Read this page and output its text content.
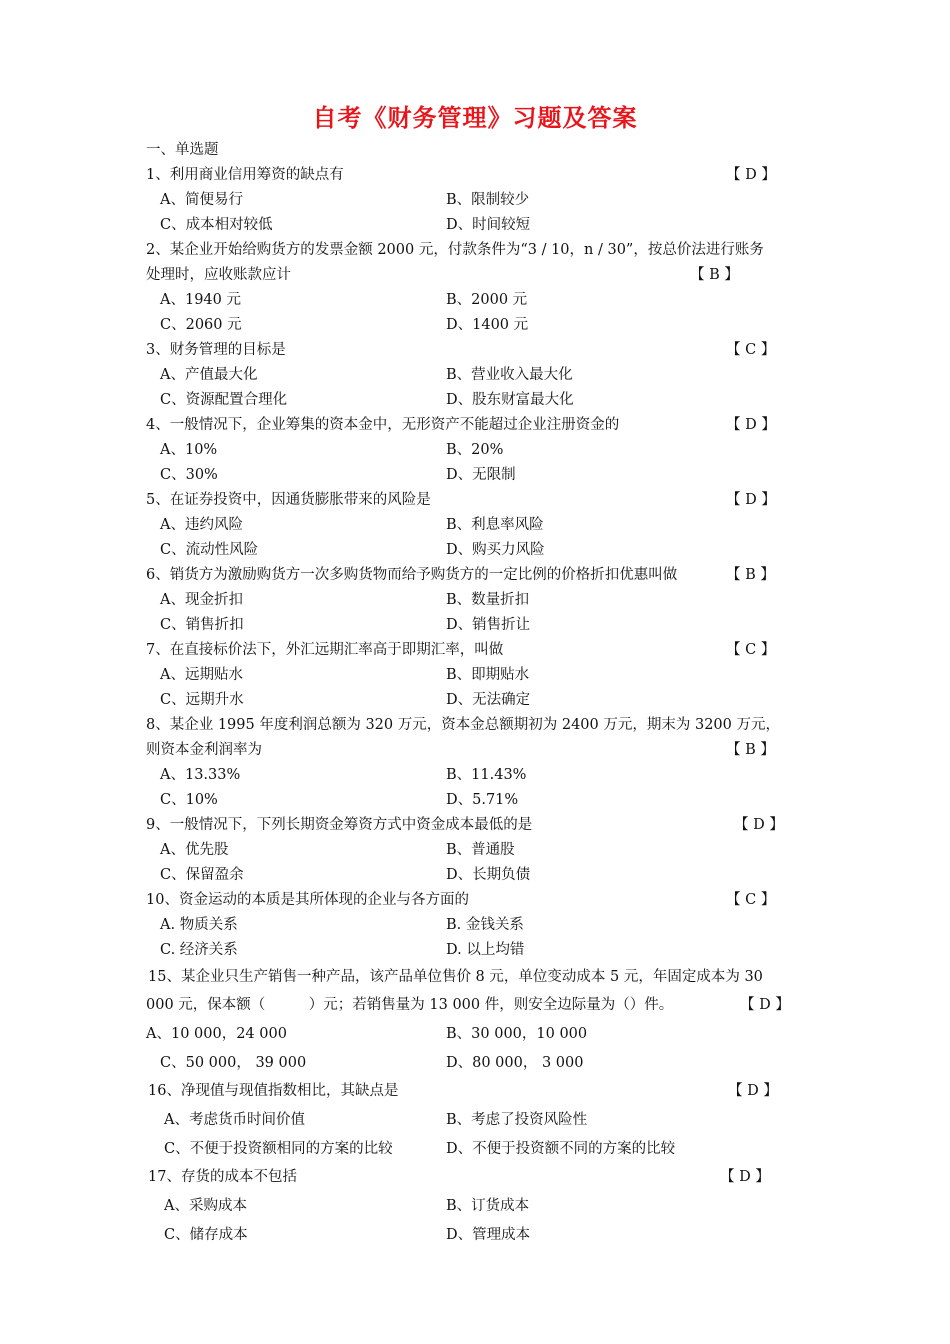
自考《财务管理》习题及答案
一、单选题
1、利用商业信用筹资的缺点有	【 D 】
A、简便易行	B、限制较少
C、成本相对较低	D、时间较短
2、某企业开始给购货方的发票金额 2000 元，付款条件为“3 / 10，n / 30”，按总价法进行账务
处理时，应收账款应计	【 B 】
A、1940 元	B、2000 元
C、2060 元	D、1400 元
3、财务管理的目标是	【 C 】
A、产值最大化	B、营业收入最大化
C、资源配置合理化	D、股东财富最大化
4、一般情况下，企业筹集的资本金中，无形资产不能超过企业注册资金的	【 D 】
A、10%	B、20%
C、30%	D、无限制
5、在证券投资中，因通货膨胀带来的风险是	【 D 】
A、违约风险	B、利息率风险
C、流动性风险	D、购买力风险
6、销货方为激励购货方一次多购货物而给予购货方的一定比例的价格折扣优惠叫做	【 B 】
A、现金折扣	B、数量折扣
C、销售折扣	D、销售折让
7、在直接标价法下，外汇远期汇率高于即期汇率，叫做	【 C 】
A、远期贴水	B、即期贴水
C、远期升水	D、无法确定
8、某企业 1995 年度利润总额为 320 万元，资本金总额期初为 2400 万元，期末为 3200 万元，
则资本金利润率为	【 B 】
A、13.33%	B、11.43%
C、10%	D、5.71%
9、一般情况下，下列长期资金筹资方式中资金成本最低的是	【 D 】
A、优先股	B、普通股
C、保留盈余	D、长期负债
10、资金运动的本质是其所体现的企业与各方面的	【 C 】
A. 物质关系	B. 金钱关系
C. 经济关系	D. 以上均错
15、某企业只生产销售一种产品，该产品单位售价 8 元，单位变动成本 5 元，年固定成本为 30
000 元，保本额（　　　）元；若销售量为 13 000 件，则安全边际量为（）件。	【 D 】
A、10 000，24 000	B、30 000，10 000
C、50 000， 39 000	D、80 000， 3 000
16、净现值与现值指数相比，其缺点是	【 D 】
A、考虑货币时间价值	B、考虑了投资风险性
C、不便于投资额相同的方案的比较	D、不便于投资额不同的方案的比较
17、存货的成本不包括	【 D 】
A、采购成本	B、订货成本
C、储存成本	D、管理成本
